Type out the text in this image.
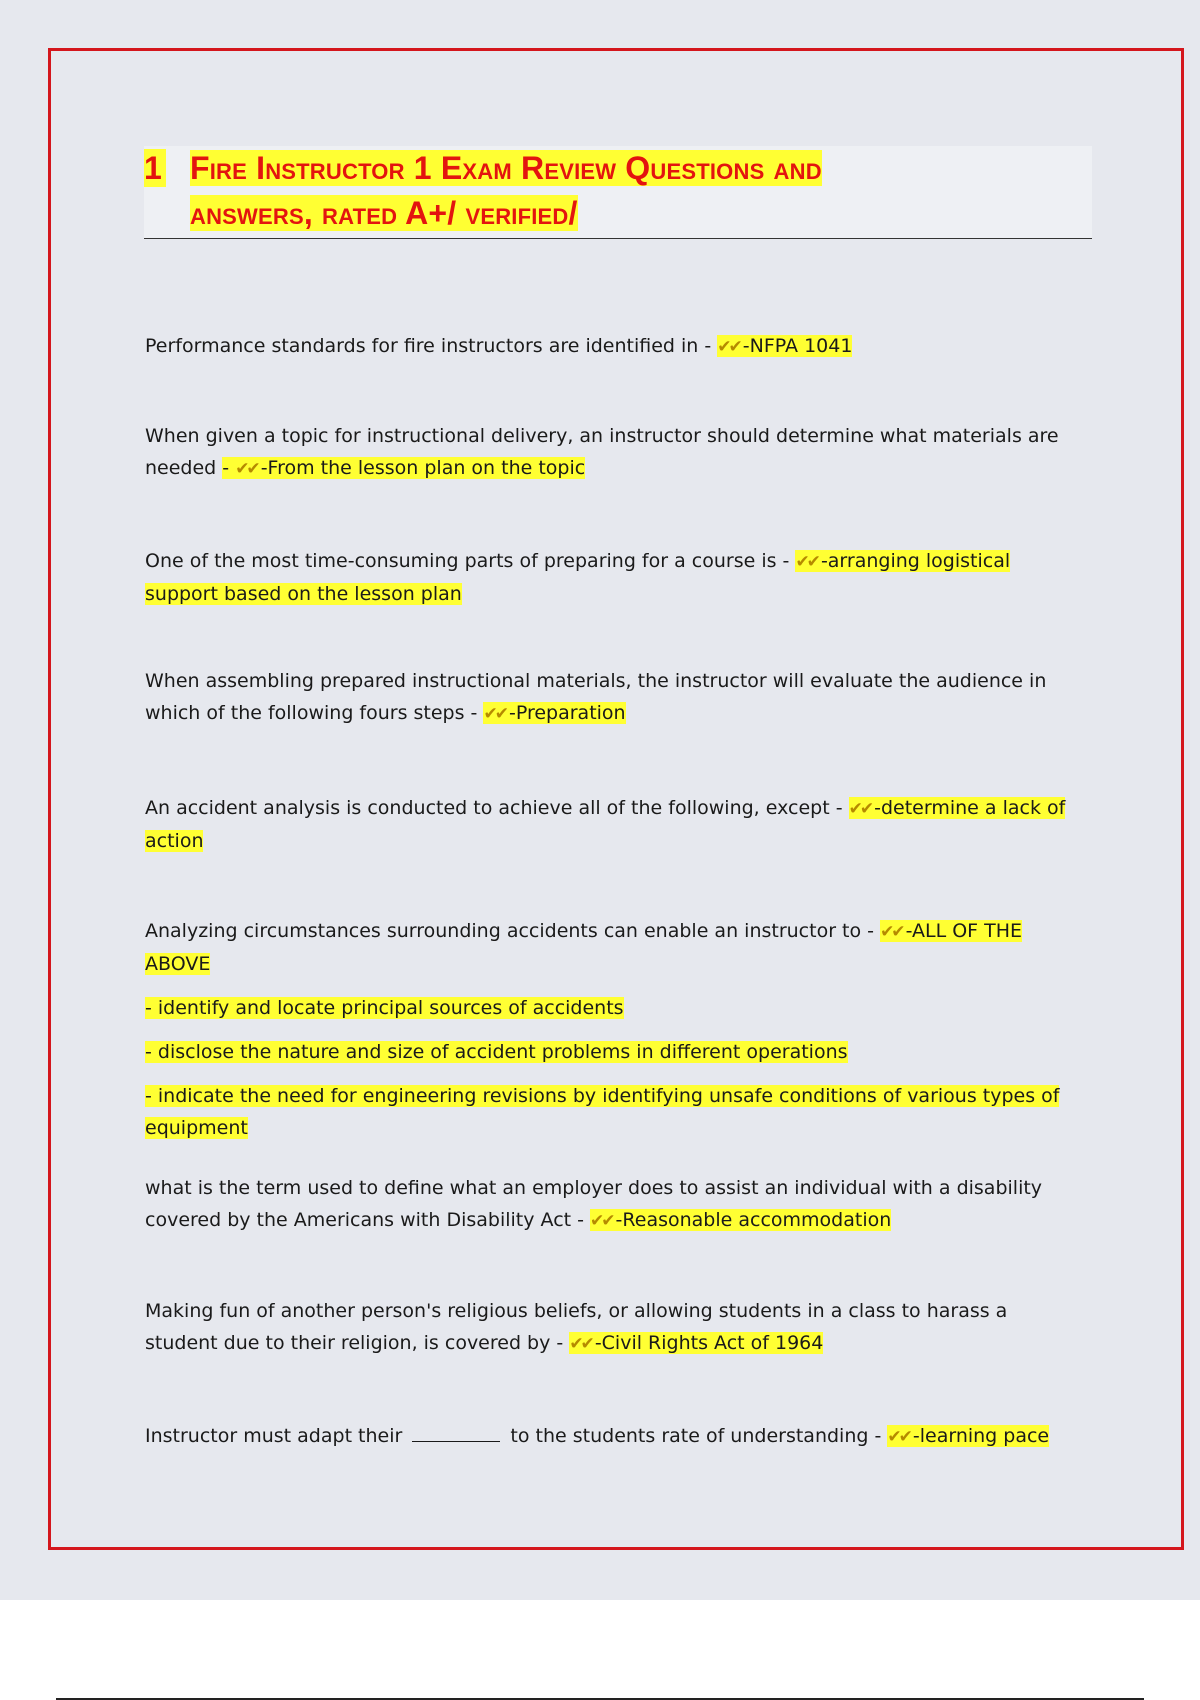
1 Fire Instructor 1 Exam Review Questions and
answers, rated A+/ verified/
Performance standards for fire instructors are identified in - ✔✔ -NFPA 1041
When given a topic for instructional delivery, an instructor should determine what materials are needed - ✔✔ -From the lesson plan on the topic
One of the most time-consuming parts of preparing for a course is - ✔✔ -arranging logistical support based on the lesson plan
When assembling prepared instructional materials, the instructor will evaluate the audience in which of the following fours steps - ✔✔ -Preparation
An accident analysis is conducted to achieve all of the following, except - ✔✔ -determine a lack of action
Analyzing circumstances surrounding accidents can enable an instructor to - ✔✔ -ALL OF THE ABOVE
- identify and locate principal sources of accidents
- disclose the nature and size of accident problems in different operations
- indicate the need for engineering revisions by identifying unsafe conditions of various types of equipment
what is the term used to define what an employer does to assist an individual with a disability covered by the Americans with Disability Act - ✔✔ -Reasonable accommodation
Making fun of another person's religious beliefs, or allowing students in a class to harass a student due to their religion, is covered by - ✔✔ -Civil Rights Act of 1964
Instructor must adapt their	to the students rate of understanding - ✔✔ -learning pace
